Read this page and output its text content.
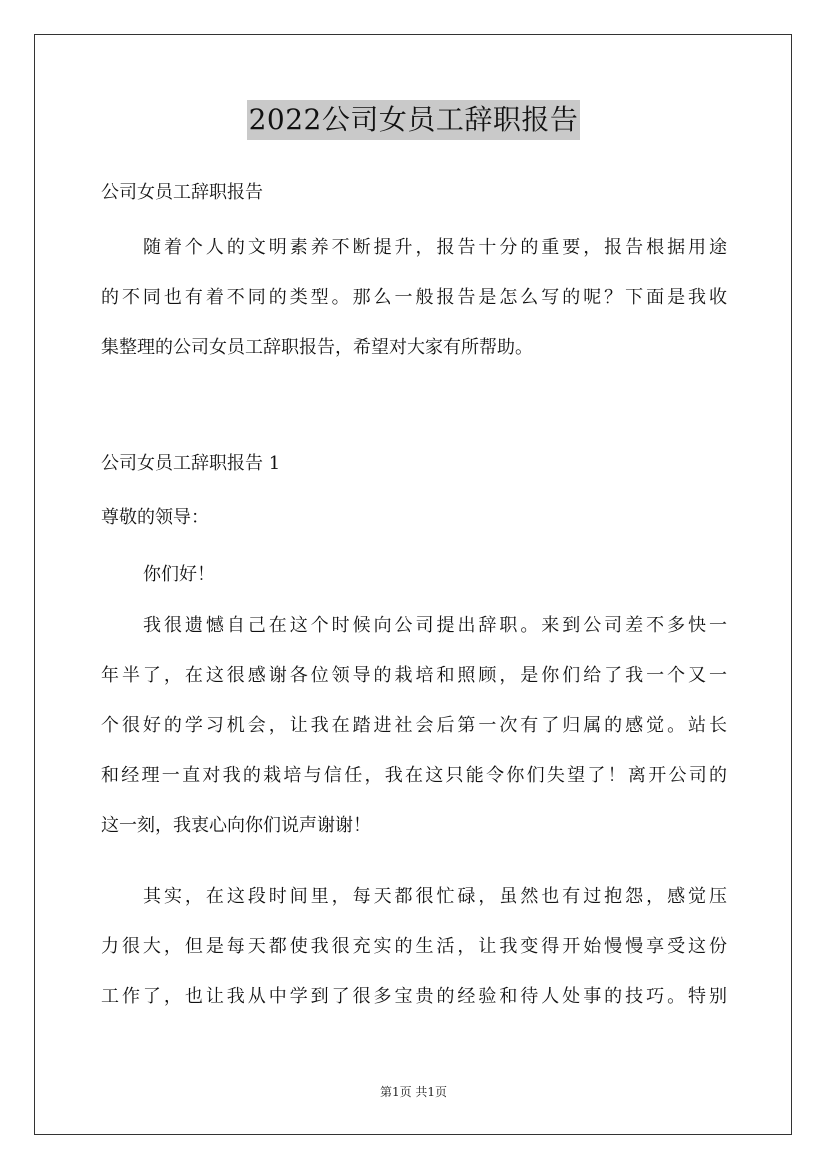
2022公司女员工辞职报告
公司女员工辞职报告
随着个人的文明素养不断提升，报告十分的重要，报告根据用途
的不同也有着不同的类型。那么一般报告是怎么写的呢？下面是我收
集整理的公司女员工辞职报告，希望对大家有所帮助。
公司女员工辞职报告 1
尊敬的领导：
你们好！
我很遗憾自己在这个时候向公司提出辞职。来到公司差不多快一
年半了，在这很感谢各位领导的栽培和照顾，是你们给了我一个又一
个很好的学习机会，让我在踏进社会后第一次有了归属的感觉。站长
和经理一直对我的栽培与信任，我在这只能令你们失望了！离开公司的
这一刻，我衷心向你们说声谢谢！
其实，在这段时间里，每天都很忙碌，虽然也有过抱怨，感觉压
力很大，但是每天都使我很充实的生活，让我变得开始慢慢享受这份
工作了，也让我从中学到了很多宝贵的经验和待人处事的技巧。特别
第1页 共1页
